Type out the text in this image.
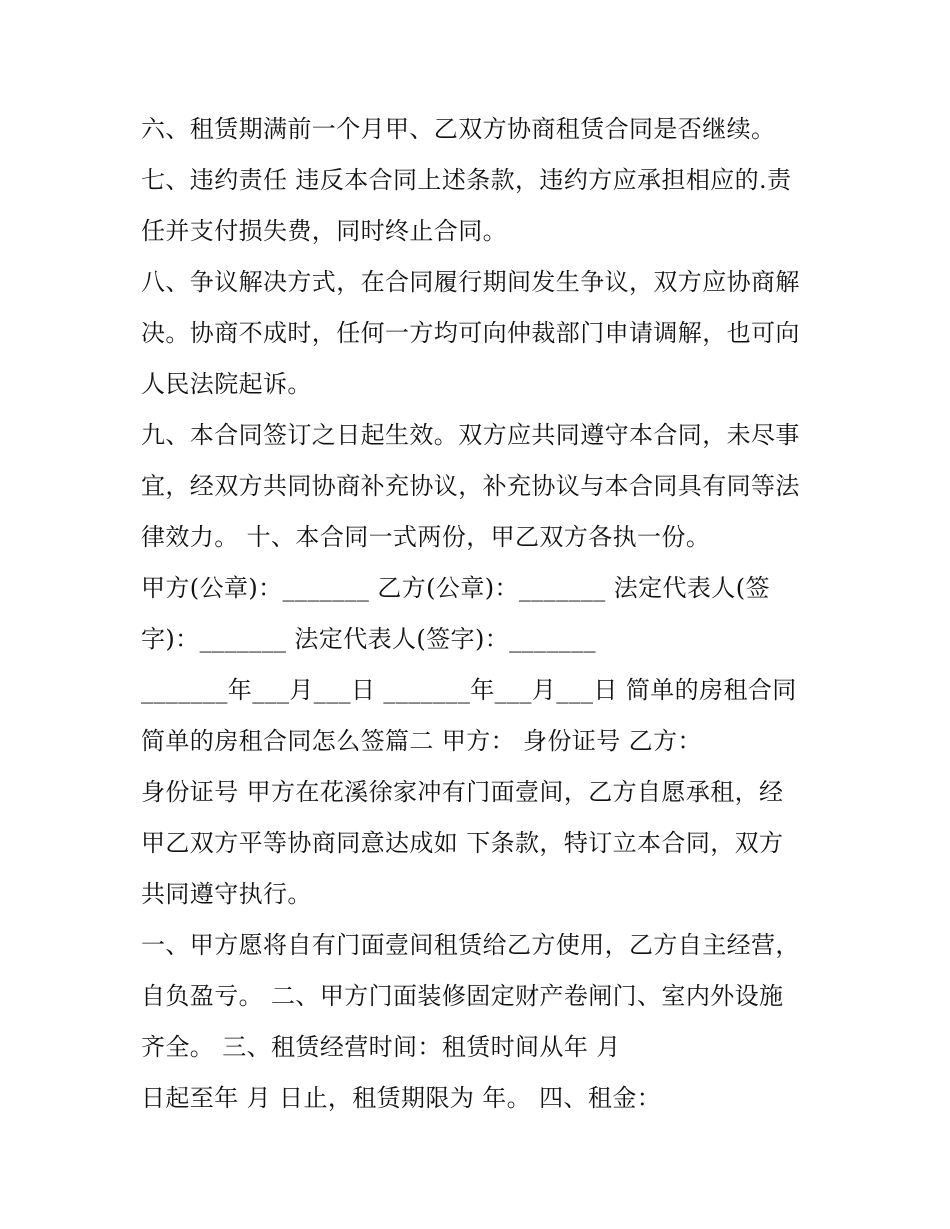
六、租赁期满前一个月甲、乙双方协商租赁合同是否继续。
七、违约责任 违反本合同上述条款，违约方应承担相应的.责
任并支付损失费，同时终止合同。
八、争议解决方式，在合同履行期间发生争议，双方应协商解
决。协商不成时，任何一方均可向仲裁部门申请调解，也可向
人民法院起诉。
九、本合同签订之日起生效。双方应共同遵守本合同，未尽事
宜，经双方共同协商补充协议，补充协议与本合同具有同等法
律效力。 十、本合同一式两份，甲乙双方各执一份。
甲方(公章)：_______ 乙方(公章)：_______ 法定代表人(签
字)：_______ 法定代表人(签字)：_______
_______年___月___日 _______年___月___日 简单的房租合同
简单的房租合同怎么签篇二 甲方： 身份证号 乙方：
身份证号 甲方在花溪徐家冲有门面壹间，乙方自愿承租，经
甲乙双方平等协商同意达成如 下条款，特订立本合同，双方
共同遵守执行。
一、甲方愿将自有门面壹间租赁给乙方使用，乙方自主经营，
自负盈亏。 二、甲方门面装修固定财产卷闸门、室内外设施
齐全。 三、租赁经营时间：租赁时间从年 月
日起至年 月 日止，租赁期限为 年。 四、租金：
